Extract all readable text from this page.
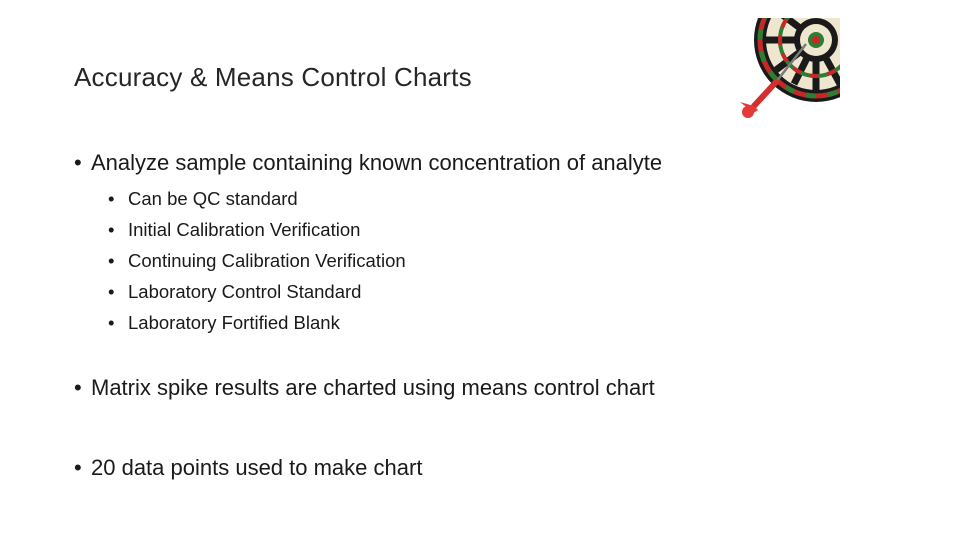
Accuracy & Means Control Charts
• Analyze sample containing known concentration of analyte
• Can be QC standard
• Initial Calibration Verification
• Continuing Calibration Verification
• Laboratory Control Standard
• Laboratory Fortified Blank
• Matrix spike results are charted using means control chart
• 20 data points used to make chart
